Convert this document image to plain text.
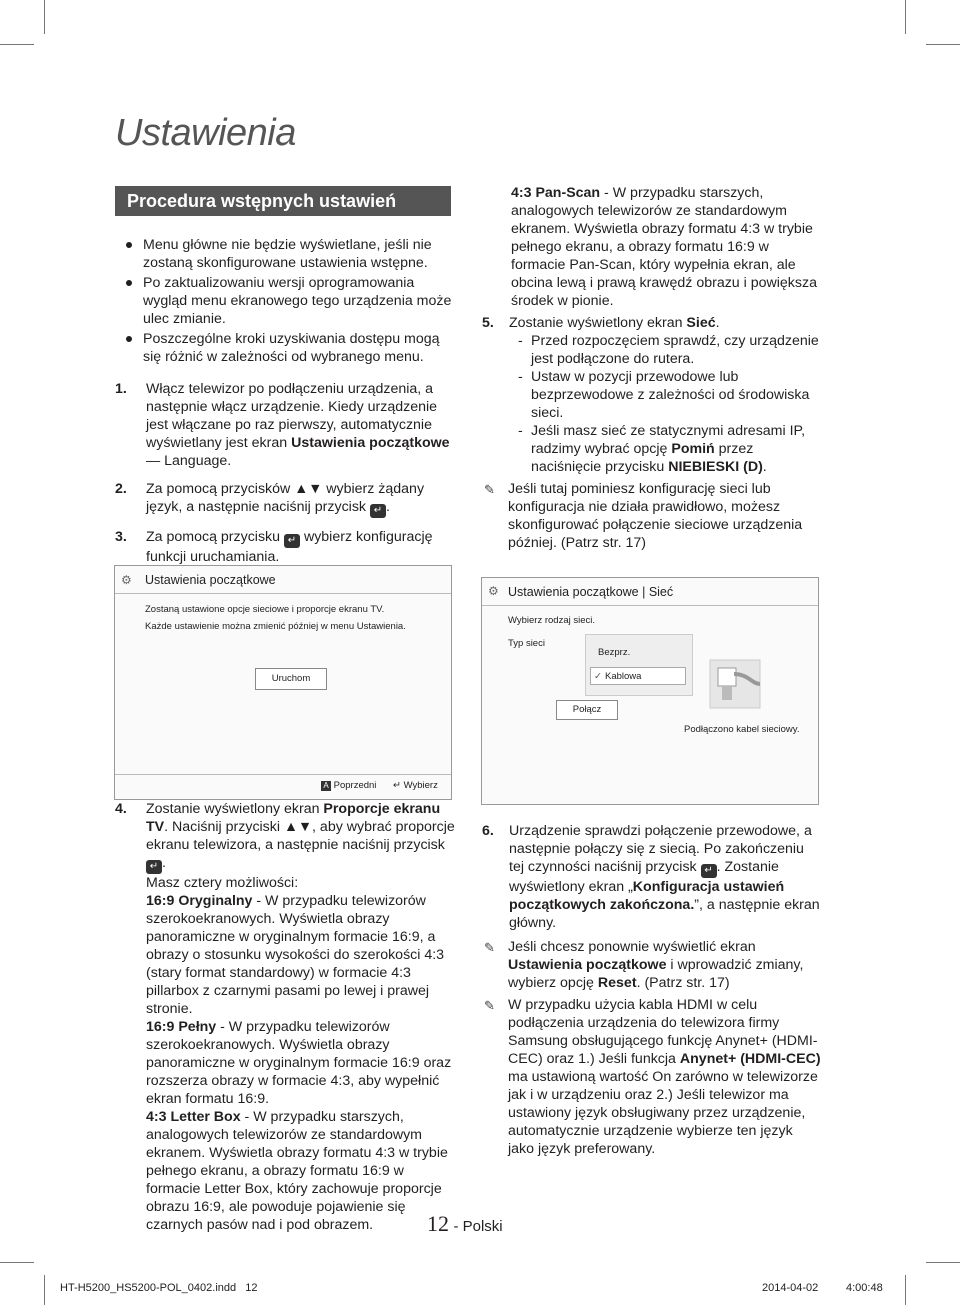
Ustawienia
Procedura wstępnych ustawień
Menu główne nie będzie wyświetlane, jeśli nie zostaną skonfigurowane ustawienia wstępne.
Po zaktualizowaniu wersji oprogramowania wygląd menu ekranowego tego urządzenia może ulec zmianie.
Poszczególne kroki uzyskiwania dostępu mogą się różnić w zależności od wybranego menu.
1. Włącz telewizor po podłączeniu urządzenia, a następnie włącz urządzenie. Kiedy urządzenie jest włączane po raz pierwszy, automatycznie wyświetlany jest ekran Ustawienia początkowe — Language.
2. Za pomocą przycisków ▲▼ wybierz żądany język, a następnie naciśnij przycisk ↵ .
3. Za pomocą przycisku ↵ wybierz konfigurację funkcji uruchamiania.
⚙ Ustawienia początkowe
Zostaną ustawione opcje sieciowe i proporcje ekranu TV.
Każde ustawienie można zmienić później w menu Ustawienia.
Uruchom
A Poprzedni ↵ Wybierz
4. Zostanie wyświetlony ekran Proporcje ekranu TV. Naciśnij przyciski ▲▼, aby wybrać proporcje ekranu telewizora, a następnie naciśnij przycisk ↵ .
Masz cztery możliwości:
16:9 Oryginalny - W przypadku telewizorów szerokoekranowych. Wyświetla obrazy panoramiczne w oryginalnym formacie 16:9, a obrazy o stosunku wysokości do szerokości 4:3 (stary format standardowy) w formacie 4:3 pillarbox z czarnymi pasami po lewej i prawej stronie.
16:9 Pełny - W przypadku telewizorów szerokoekranowych. Wyświetla obrazy panoramiczne w oryginalnym formacie 16:9 oraz rozszerza obrazy w formacie 4:3, aby wypełnić ekran formatu 16:9.
4:3 Letter Box - W przypadku starszych, analogowych telewizorów ze standardowym ekranem. Wyświetla obrazy formatu 4:3 w trybie pełnego ekranu, a obrazy formatu 16:9 w formacie Letter Box, który zachowuje proporcje obrazu 16:9, ale powoduje pojawienie się czarnych pasów nad i pod obrazem.
4:3 Pan-Scan - W przypadku starszych, analogowych telewizorów ze standardowym ekranem. Wyświetla obrazy formatu 4:3 w trybie pełnego ekranu, a obrazy formatu 16:9 w formacie Pan-Scan, który wypełnia ekran, ale obcina lewą i prawą krawędź obrazu i powiększa środek w pionie.
5. Zostanie wyświetlony ekran Sieć.
- Przed rozpoczęciem sprawdź, czy urządzenie jest podłączone do rutera.
- Ustaw w pozycji przewodowe lub bezprzewodowe z zależności od środowiska sieci.
- Jeśli masz sieć ze statycznymi adresami IP, radzimy wybrać opcję Pomiń przez naciśnięcie przycisku NIEBIESKI (D).
✎ Jeśli tutaj pominiesz konfigurację sieci lub konfiguracja nie działa prawidłowo, możesz skonfigurować połączenie sieciowe urządzenia później. (Patrz str. 17)
⚙ Ustawienia początkowe | Sieć
Wybierz rodzaj sieci.
Typ sieci
Bezprz.
✓ Kablowa
Połącz
Podłączono kabel sieciowy.
6. Urządzenie sprawdzi połączenie przewodowe, a następnie połączy się z siecią. Po zakończeniu tej czynności naciśnij przycisk ↵ . Zostanie wyświetlony ekran „Konfiguracja ustawień początkowych zakończona.”, a następnie ekran główny.
✎ Jeśli chcesz ponownie wyświetlić ekran Ustawienia początkowe i wprowadzić zmiany, wybierz opcję Reset. (Patrz str. 17)
✎ W przypadku użycia kabla HDMI w celu podłączenia urządzenia do telewizora firmy Samsung obsługującego funkcję Anynet+ (HDMI-CEC) oraz 1.) Jeśli funkcja Anynet+ (HDMI-CEC) ma ustawioną wartość On zarówno w telewizorze jak i w urządzeniu oraz 2.) Jeśli telewizor ma ustawiony język obsługiwany przez urządzenie, automatycznie urządzenie wybierze ten język jako język preferowany.
12 - Polski
HT-H5200_HS5200-POL_0402.indd   12	2014-04-02	4:00:48
